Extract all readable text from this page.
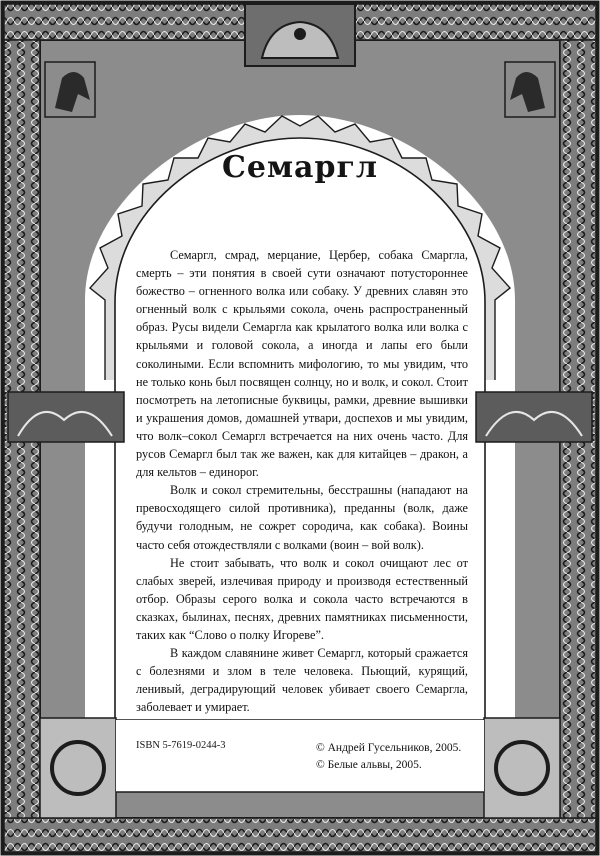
Семаргл

Семаргл, смрад, мерцание, Цербер, собака Смаргла, смерть – эти понятия в своей сути означают потустороннее божество – огненного волка или собаку. У древних славян это огненный волк с крыльями сокола, очень распространенный образ. Русы видели Семаргла как крылатого волка или волка с крыльями и головой сокола, а иногда и лапы его были соколиными. Если вспомнить мифологию, то мы увидим, что не только конь был посвящен солнцу, но и волк, и сокол. Стоит посмотреть на летописные буквицы, рамки, древние вышивки и украшения домов, домашней утвари, доспехов и мы увидим, что волк–сокол Семаргл встречается на них очень часто. Для русов Семаргл был так же важен, как для китайцев – дракон, а для кельтов – единорог.

Волк и сокол стремительны, бесстрашны (нападают на превосходящего силой противника), преданны (волк, даже будучи голодным, не сожрет сородича, как собака). Воины часто себя отождествляли с волками (воин – вой волк).

Не стоит забывать, что волк и сокол очищают лес от слабых зверей, излечивая природу и производя естественный отбор. Образы серого волка и сокола часто встречаются в сказках, былинах, песнях, древних памятниках письменности, таких как “Слово о полку Игореве”.

В каждом славянине живет Семаргл, который сражается с болезнями и злом в теле человека. Пьющий, курящий, ленивый, деградирующий человек убивает своего Семаргла, заболевает и умирает.

ISBN 5-7619-0244-3	© Андрей Гусельников, 2005.
© Белые альвы, 2005.
